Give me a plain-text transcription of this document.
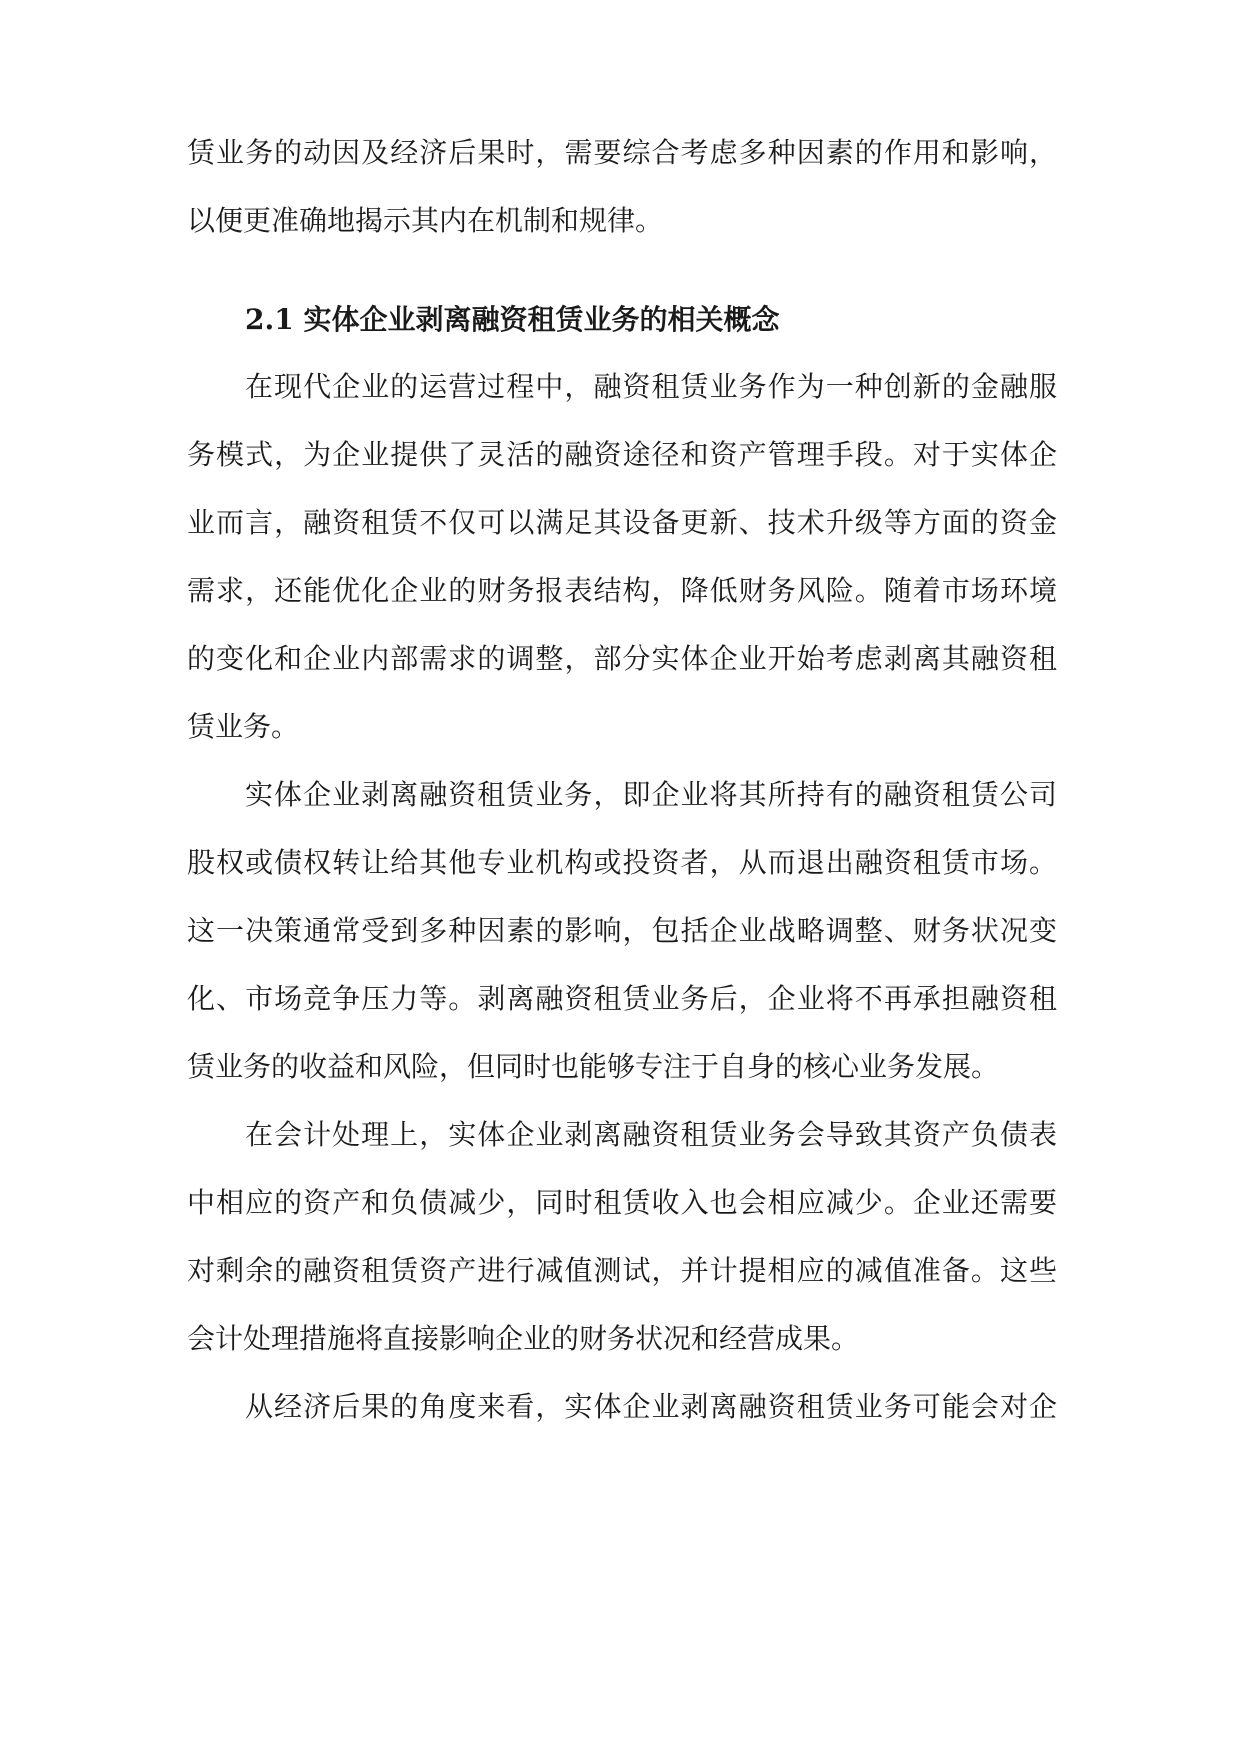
赁业务的动因及经济后果时，需要综合考虑多种因素的作用和影响，
以便更准确地揭示其内在机制和规律。
2.1 实体企业剥离融资租赁业务的相关概念
在现代企业的运营过程中，融资租赁业务作为一种创新的金融服
务模式，为企业提供了灵活的融资途径和资产管理手段。对于实体企
业而言，融资租赁不仅可以满足其设备更新、技术升级等方面的资金
需求，还能优化企业的财务报表结构，降低财务风险。随着市场环境
的变化和企业内部需求的调整，部分实体企业开始考虑剥离其融资租
赁业务。
实体企业剥离融资租赁业务，即企业将其所持有的融资租赁公司
股权或债权转让给其他专业机构或投资者，从而退出融资租赁市场。
这一决策通常受到多种因素的影响，包括企业战略调整、财务状况变
化、市场竞争压力等。剥离融资租赁业务后，企业将不再承担融资租
赁业务的收益和风险，但同时也能够专注于自身的核心业务发展。
在会计处理上，实体企业剥离融资租赁业务会导致其资产负债表
中相应的资产和负债减少，同时租赁收入也会相应减少。企业还需要
对剩余的融资租赁资产进行减值测试，并计提相应的减值准备。这些
会计处理措施将直接影响企业的财务状况和经营成果。
从经济后果的角度来看，实体企业剥离融资租赁业务可能会对企
